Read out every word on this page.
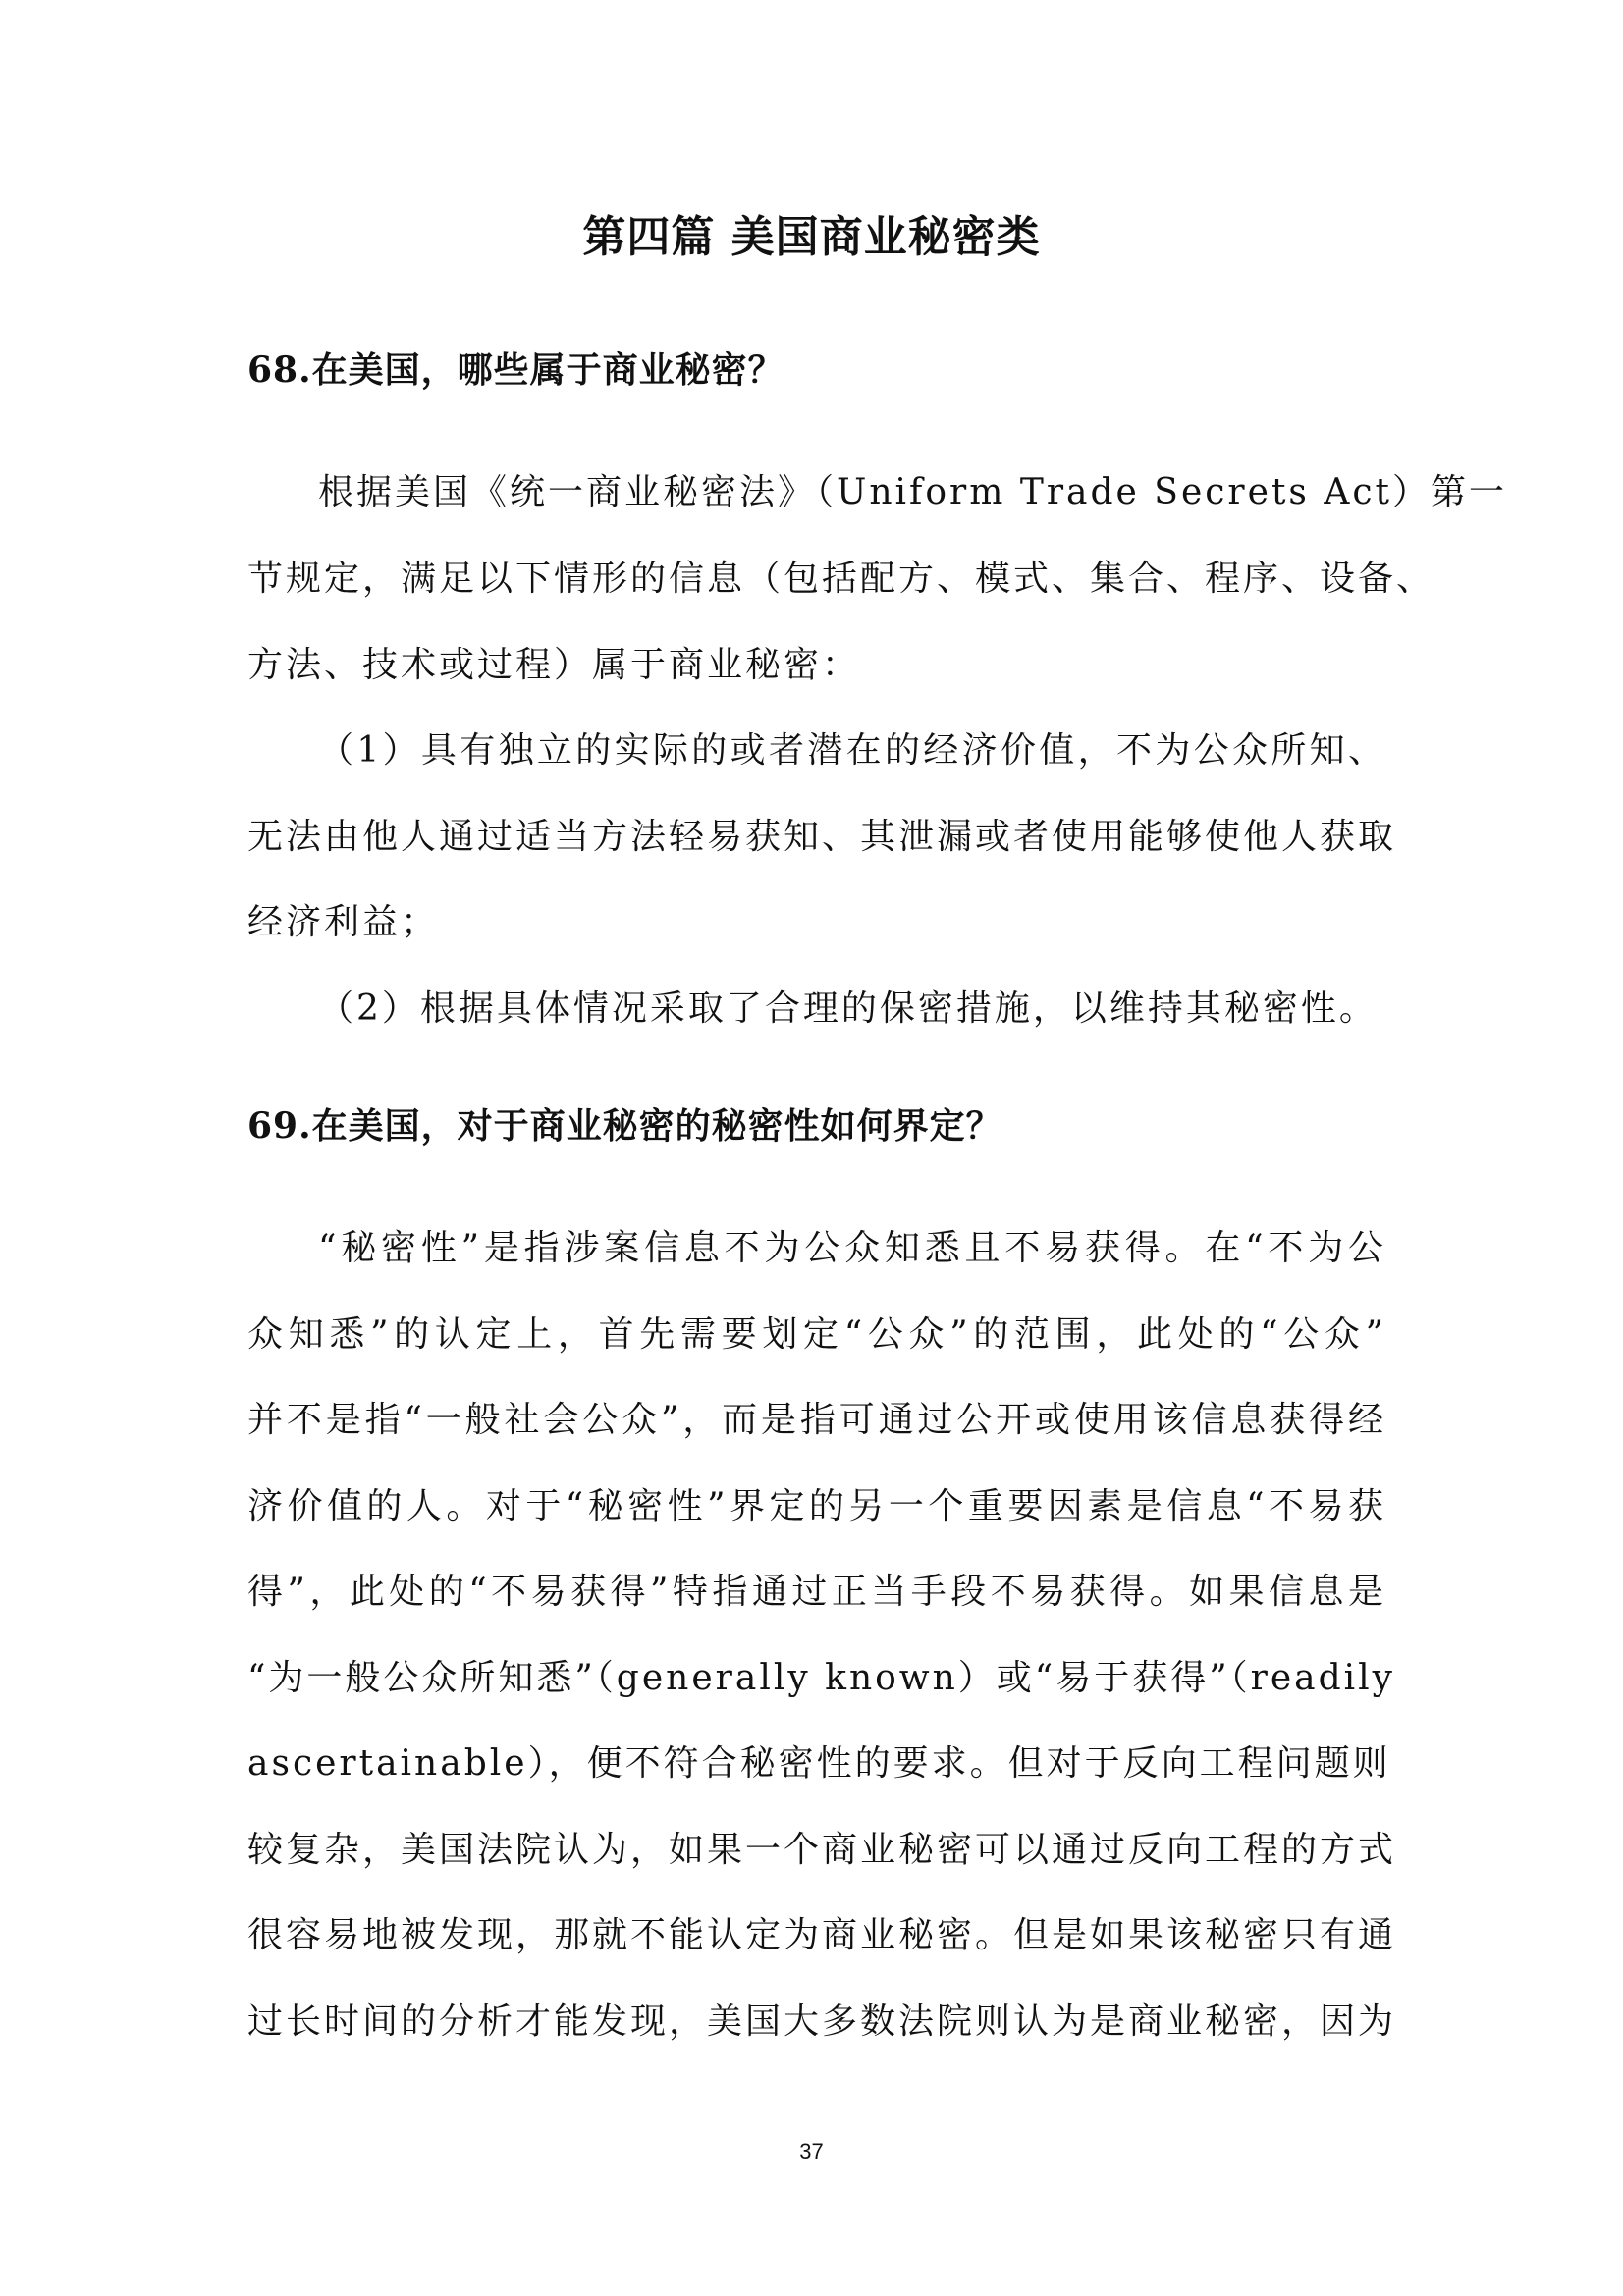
第四篇 美国商业秘密类
68.在美国，哪些属于商业秘密？

根据美国《统一商业秘密法》（Uniform Trade Secrets Act）第一

节规定，满足以下情形的信息（包括配方、模式、集合、程序、设备、

方法、技术或过程）属于商业秘密：

（1）具有独立的实际的或者潜在的经济价值，不为公众所知、

无法由他人通过适当方法轻易获知、其泄漏或者使用能够使他人获取

经济利益；

（2）根据具体情况采取了合理的保密措施，以维持其秘密性。

69.在美国，对于商业秘密的秘密性如何界定？

“秘密性”是指涉案信息不为公众知悉且不易获得。在“不为公

众知悉”的认定上，首先需要划定“公众”的范围，此处的“公众”

并不是指“一般社会公众”，而是指可通过公开或使用该信息获得经

济价值的人。对于“秘密性”界定的另一个重要因素是信息“不易获

得”，此处的“不易获得”特指通过正当手段不易获得。如果信息是

“为一般公众所知悉”（generally known）或“易于获得”（readily

ascertainable），便不符合秘密性的要求。但对于反向工程问题则

较复杂，美国法院认为，如果一个商业秘密可以通过反向工程的方式

很容易地被发现，那就不能认定为商业秘密。但是如果该秘密只有通

过长时间的分析才能发现，美国大多数法院则认为是商业秘密，因为

37
